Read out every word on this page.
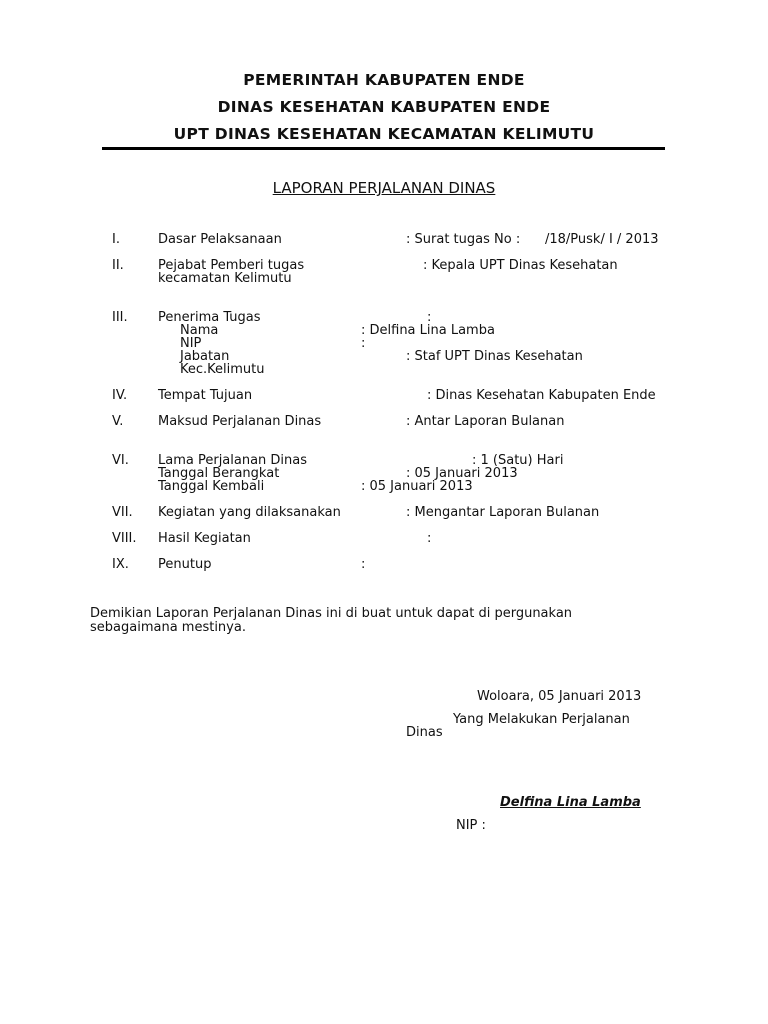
PEMERINTAH KABUPATEN ENDE
DINAS KESEHATAN KABUPATEN ENDE
UPT DINAS KESEHATAN KECAMATAN KELIMUTU
LAPORAN PERJALANAN DINAS
I.	Dasar Pelaksanaan	: Surat tugas No :      /18/Pusk/ I / 2013
II.	Pejabat Pemberi tugas	: Kepala UPT Dinas Kesehatan
kecamatan Kelimutu
III. Penerima Tugas	:
Nama	: Delfina Lina Lamba
NIP	:
Jabatan	: Staf UPT Dinas Kesehatan
Kec.Kelimutu
IV. Tempat Tujuan	: Dinas Kesehatan Kabupaten Ende
V.	Maksud Perjalanan Dinas	: Antar Laporan Bulanan
VI. Lama Perjalanan Dinas	: 1 (Satu) Hari
Tanggal Berangkat	: 05 Januari 2013
Tanggal Kembali	: 05 Januari 2013
VII. Kegiatan yang dilaksanakan	: Mengantar Laporan Bulanan
VIII. Hasil Kegiatan	:
IX. Penutup	:
Demikian Laporan Perjalanan Dinas ini di buat untuk dapat di pergunakan
sebagaimana mestinya.
Woloara, 05 Januari 2013
Yang Melakukan Perjalanan
Dinas
Delfina Lina Lamba
NIP :
